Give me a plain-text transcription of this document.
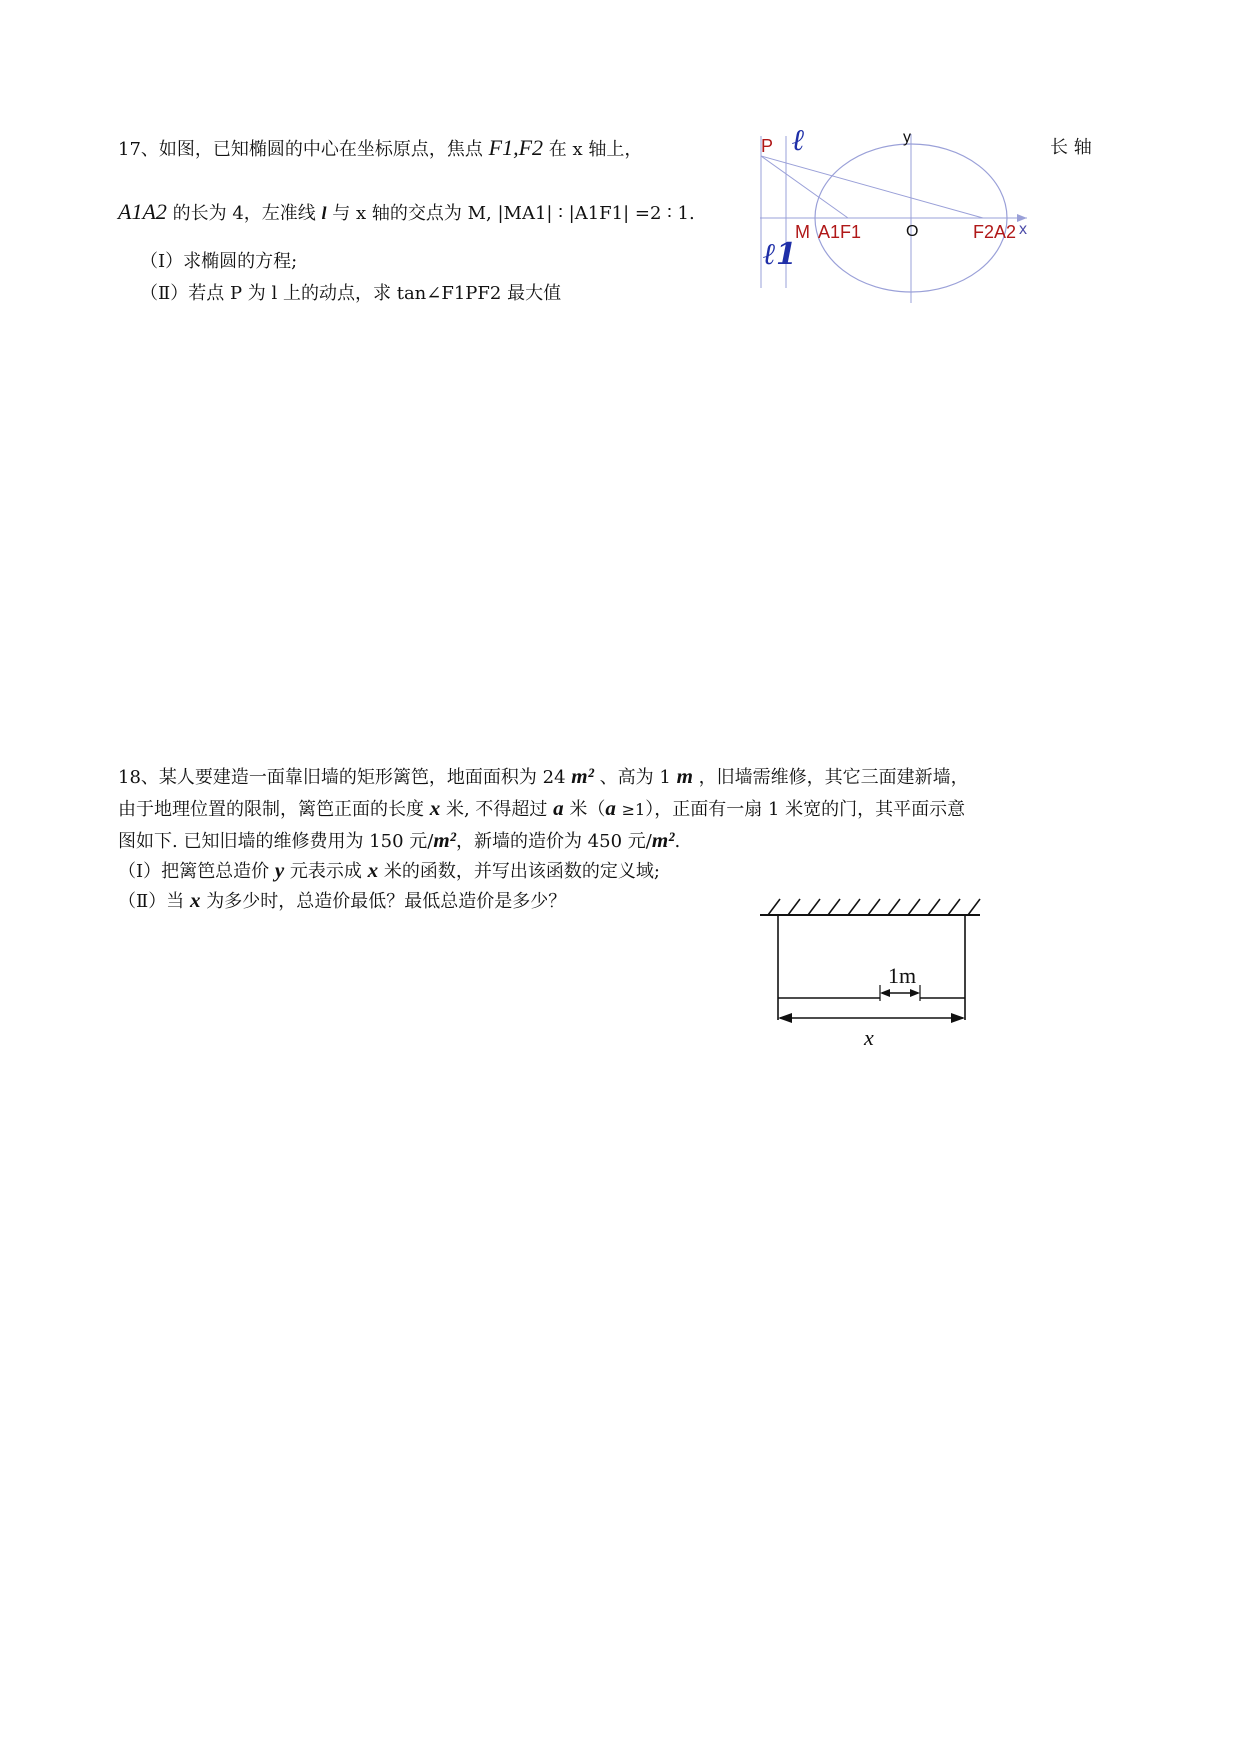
17、如图，已知椭圆的中心在坐标原点，焦点 F1,F2 在 x 轴上，	长 轴
A1A2 的长为 4，左准线 l 与 x 轴的交点为 M, |MA1| ∶ |A1F1| =2 ∶ 1.
（Ⅰ）求椭圆的方程;
（Ⅱ）若点 P 为 l 上的动点，求 tan∠F1PF2 最大值
P ℓ
ℓ1
y
M A1F1	O	F2A2 x
18、某人要建造一面靠旧墙的矩形篱笆，地面面积为 24 m² 、高为 1 m ，旧墙需维修，其它三面建新墙，
由于地理位置的限制，篱笆正面的长度 x 米, 不得超过 a 米（a ≥1），正面有一扇 1 米宽的门，其平面示意
图如下. 已知旧墙的维修费用为 150 元/m²，新墙的造价为 450 元/m².
（Ⅰ）把篱笆总造价 y 元表示成 x 米的函数，并写出该函数的定义域;
（Ⅱ）当 x 为多少时，总造价最低？最低总造价是多少？
1m
x
